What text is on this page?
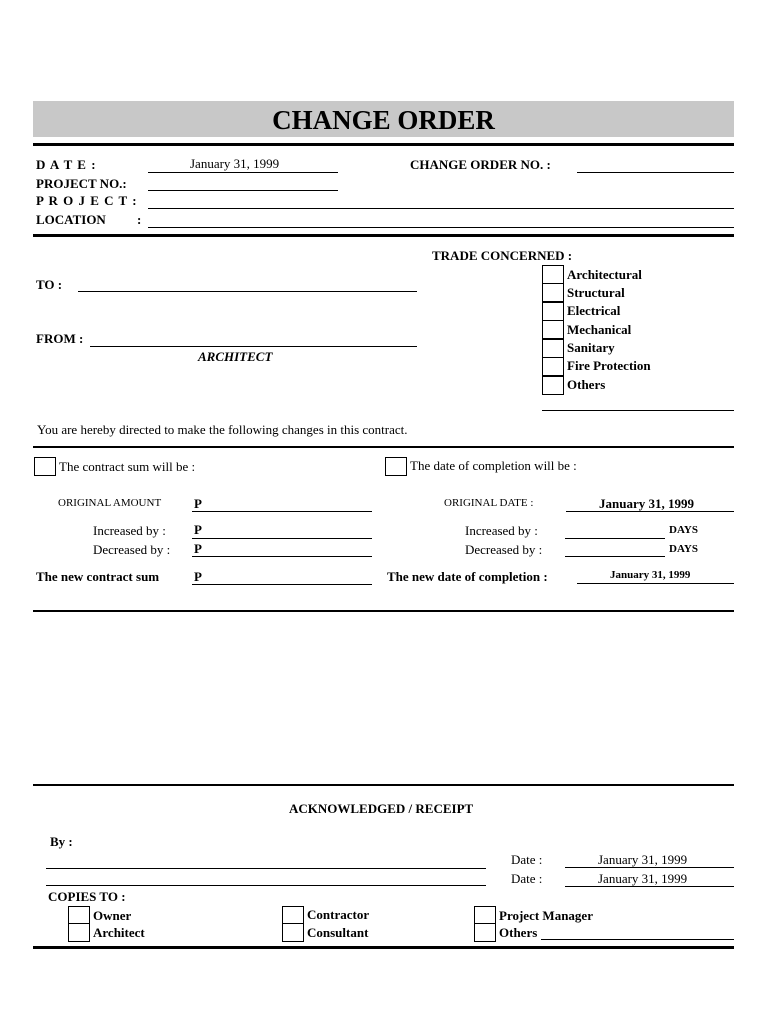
CHANGE ORDER
D A T E :	January 31, 1999	CHANGE ORDER NO. :
PROJECT NO.:
P R O J E C T :
LOCATION :
TO :
FROM :
ARCHITECT
TRADE CONCERNED :
Architectural
Structural
Electrical
Mechanical
Sanitary
Fire Protection
Others
You are hereby directed to make the following changes in this contract.
The contract sum will be :
ORIGINAL AMOUNT	P
Increased by : P
Decreased by : P
The new contract sum	P
The date of completion will be :
ORIGINAL DATE :	January 31, 1999
Increased by :	DAYS
Decreased by :	DAYS
The new date of completion :	January 31, 1999
ACKNOWLEDGED / RECEIPT
By :
Date :	January 31, 1999
Date :	January 31, 1999
COPIES TO :
Owner
Architect
Contractor
Consultant
Project Manager
Others
